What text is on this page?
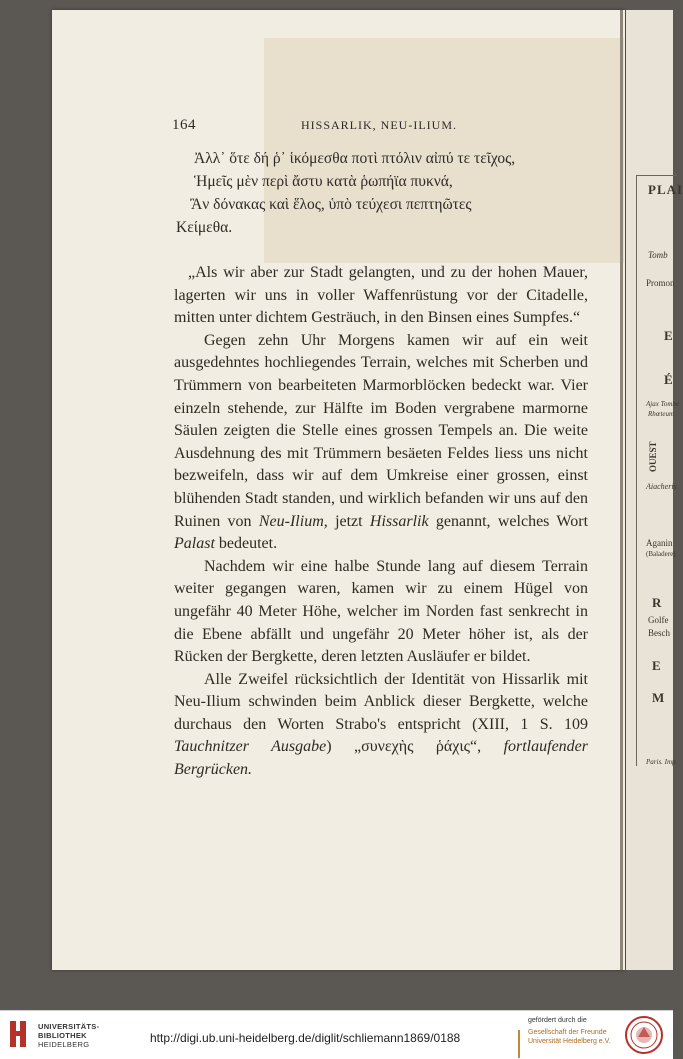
164	HISSARLIK, NEU-ILIUM.
Ἀλλ᾽ ὅτε δή ῥ᾽ ἱκόμεσθα ποτὶ πτόλιν αἰπύ τε τεῖχος,
Ἡμεῖς μὲν περὶ ἄστυ κατὰ ῥωπήϊα πυκνά,
Ἂν δόνακας καὶ ἕλος, ὑπὸ τεύχεσι πεπτηῶτες
Κείμεθα.

„Als wir aber zur Stadt gelangten, und zu der hohen Mauer, lagerten wir uns in voller Waffenrüstung vor der Citadelle, mitten unter dichtem Gesträuch, in den Binsen eines Sumpfes.“

Gegen zehn Uhr Morgens kamen wir auf ein weit ausgedehntes hochliegendes Terrain, welches mit Scherben und Trümmern von bearbeiteten Marmorblöcken bedeckt war. Vier einzeln stehende, zur Hälfte im Boden vergrabene marmorne Säulen zeigten die Stelle eines grossen Tempels an. Die weite Ausdehnung des mit Trümmern besäeten Feldes liess uns nicht bezweifeln, dass wir auf dem Umkreise einer grossen, einst blühenden Stadt standen, und wirklich befanden wir uns auf den Ruinen von Neu-Ilium, jetzt Hissarlik genannt, welches Wort Palast bedeutet.

Nachdem wir eine halbe Stunde lang auf diesem Terrain weiter gegangen waren, kamen wir zu einem Hügel von ungefähr 40 Meter Höhe, welcher im Norden fast senkrecht in die Ebene abfällt und ungefähr 20 Meter höher ist, als der Rücken der Bergkette, deren letzten Ausläufer er bildet.

Alle Zweifel rücksichtlich der Identität von Hissarlik mit Neu-Ilium schwinden beim Anblick dieser Bergkette, welche durchaus den Worten Strabo's entspricht (XIII, 1 S. 109 Tauchnitzer Ausgabe) „συνεχὴς ῥάχις“, fortlaufender Bergrücken.

PLAI
Tomb
Promon
E
É
Ajax Tombe
Rhœteum
OUEST
Aiacheris
Aganin
(Baladere)
R
Golfe
Besch
E
M
Paris. Imp.
UNIVERSITÄTS-
BIBLIOTHEK
HEIDELBERG	http://digi.ub.uni-heidelberg.de/diglit/schliemann1869/0188
gefördert durch die
Gesellschaft der Freunde
Universität Heidelberg e.V.
